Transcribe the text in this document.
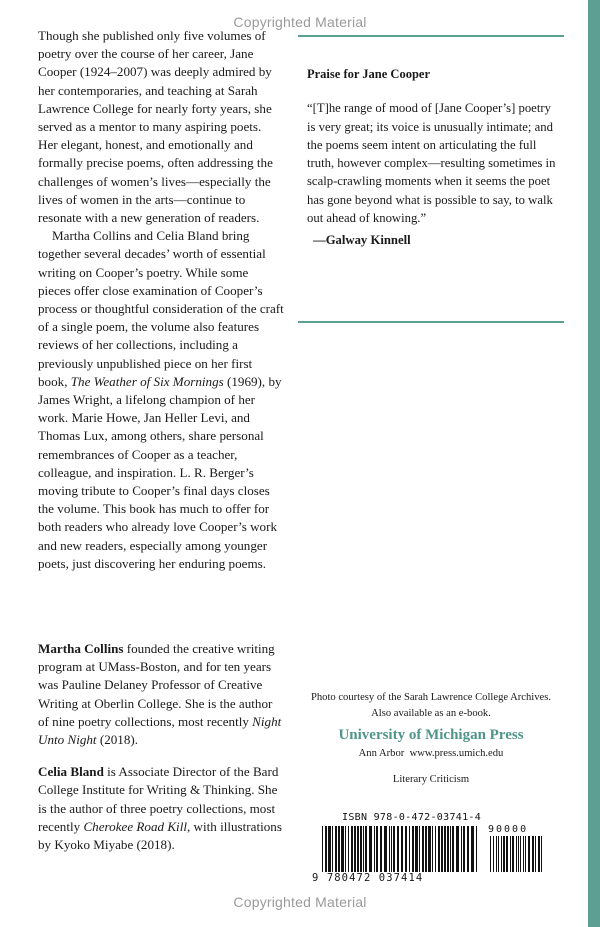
Copyrighted Material

Though she published only five volumes of poetry over the course of her career, Jane Cooper (1924–2007) was deeply admired by her contemporaries, and teaching at Sarah Lawrence College for nearly forty years, she served as a mentor to many aspiring poets. Her elegant, honest, and emotionally and formally precise poems, often addressing the challenges of women’s lives—especially the lives of women in the arts—continue to resonate with a new generation of readers.

Martha Collins and Celia Bland bring together several decades’ worth of essential writing on Cooper’s poetry. While some pieces offer close examination of Cooper’s process or thoughtful consideration of the craft of a single poem, the volume also features reviews of her collections, including a previously unpublished piece on her first book, The Weather of Six Mornings (1969), by James Wright, a lifelong champion of her work. Marie Howe, Jan Heller Levi, and Thomas Lux, among others, share personal remembrances of Cooper as a teacher, colleague, and inspiration. L. R. Berger’s moving tribute to Cooper’s final days closes the volume. This book has much to offer for both readers who already love Cooper’s work and new readers, especially among younger poets, just discovering her enduring poems.

Martha Collins founded the creative writing program at UMass-Boston, and for ten years was Pauline Delaney Professor of Creative Writing at Oberlin College. She is the author of nine poetry collections, most recently Night Unto Night (2018).

Celia Bland is Associate Director of the Bard College Institute for Writing & Thinking. She is the author of three poetry collections, most recently Cherokee Road Kill, with illustrations by Kyoko Miyabe (2018).

Praise for Jane Cooper

“[T]he range of mood of [Jane Cooper’s] poetry is very great; its voice is unusually intimate; and the poems seem intent on articulating the full truth, however complex—resulting sometimes in scalp-crawling moments when it seems the poet has gone beyond what is possible to say, to walk out ahead of knowing.”

—Galway Kinnell

Photo courtesy of the Sarah Lawrence College Archives.
Also available as an e-book.
University of Michigan Press
Ann Arbor www.press.umich.edu
Literary Criticism
ISBN 978-0-472-03741-4
90000
9 780472 037414
Copyrighted Material
